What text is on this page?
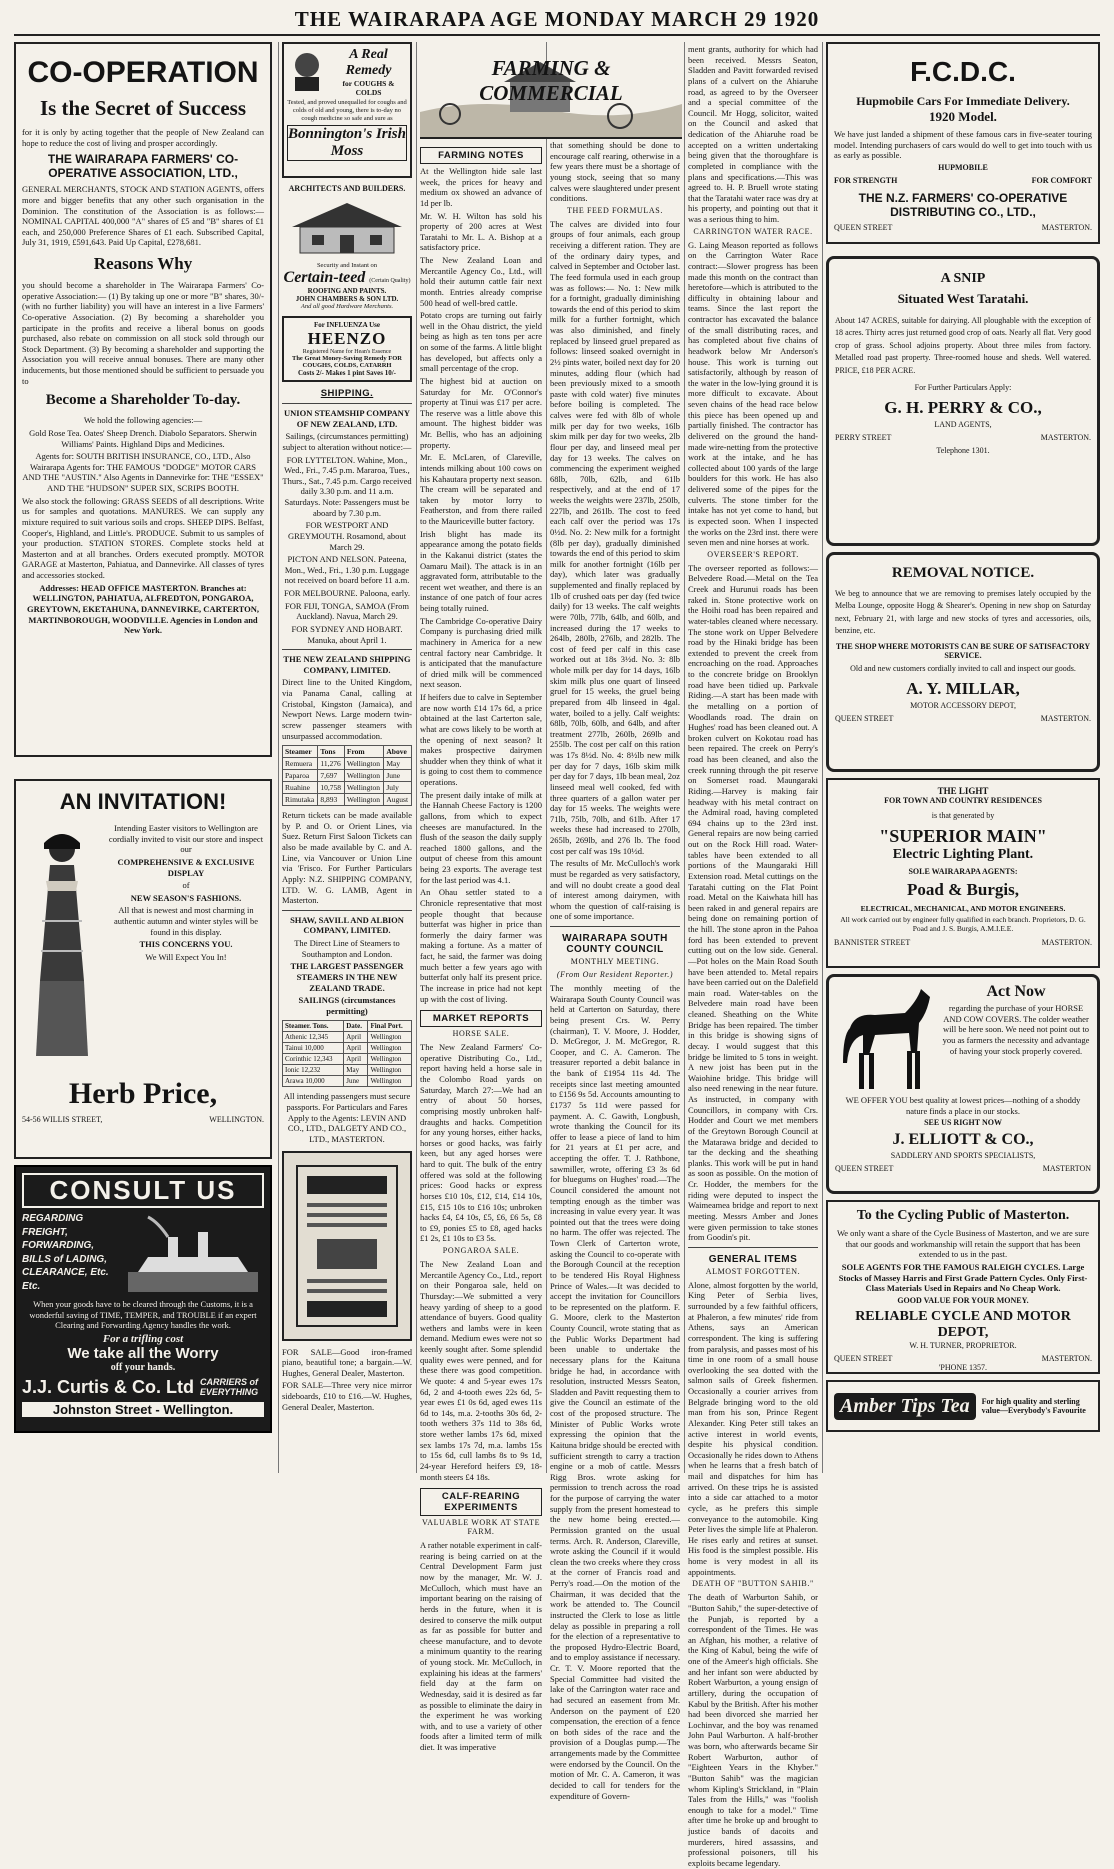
THE WAIRARAPA AGE MONDAY MARCH 29 1920
CO-OPERATION
Is the Secret of Success

for it is only by acting together that the people of New Zealand can hope to reduce the cost of living and prosper accordingly.

THE WAIRARAPA FARMERS' CO-OPERATIVE ASSOCIATION, LTD.,

GENERAL MERCHANTS, STOCK AND STATION AGENTS, offers more and bigger benefits that any other such organisation in the Dominion. The constitution of the Association is as follows:—NOMINAL CAPITAL 400,000 "A" shares of £5 and "B" shares of £1 each, and 250,000 Preference Shares of £1 each. Subscribed Capital, July 31, 1919, £591,643. Paid Up Capital, £278,681.

Reasons Why

you should become a shareholder in The Wairarapa Farmers' Co-operative Association:— (1) By taking up one or more "B" shares, 30/- (with no further liability) you will have an interest in a live Farmers' Co-operative Association. (2) By becoming a shareholder you participate in the profits and receive a liberal bonus on goods purchased, also rebate on commission on all stock sold through our Stock Department. (3) By becoming a shareholder and supporting the Association you will receive annual bonuses. There are many other inducements, but those mentioned should be sufficient to persuade you to

Become a Shareholder To-day.

We hold the following agencies:—

Gold Rose Tea. Oates' Sheep Drench. Diabolo Separators. Sherwin Williams' Paints. Highland Dips and Medicines.

Agents for: SOUTH BRITISH INSURANCE, CO., LTD., Also Wairarapa Agents for: THE FAMOUS "DODGE" MOTOR CARS AND THE "AUSTIN." Also Agents in Dannevirke for: THE "ESSEX" AND THE "HUDSON" SUPER SIX, SCRIPS BOOTH.

We also stock the following: GRASS SEEDS of all descriptions. Write us for samples and quotations. MANURES. We can supply any mixture required to suit various soils and crops. SHEEP DIPS. Belfast, Cooper's, Highland, and Little's. PRODUCE. Submit to us samples of your production. STATION STORES. Complete stocks held at Masterton and at all branches. Orders executed promptly. MOTOR GARAGE at Masterton, Pahiatua, and Dannevirke. All classes of tyres and accessories stocked.

Addresses: HEAD OFFICE MASTERTON. Branches at: WELLINGTON, PAHIATUA, ALFREDTON, PONGAROA, GREYTOWN, EKETAHUNA, DANNEVIRKE, CARTERTON, MARTINBOROUGH, WOODVILLE. Agencies in London and New York.

AN INVITATION!

Intending Easter visitors to Wellington are cordially invited to visit our store and inspect our

COMPREHENSIVE & EXCLUSIVE DISPLAY

of

NEW SEASON'S FASHIONS.

All that is newest and most charming in authentic autumn and winter styles will be found in this display.

THIS CONCERNS YOU.

We Will Expect You In!

Herb Price,
54-56 WILLIS STREET,	WELLINGTON.
CONSULT US
REGARDING FREIGHT, FORWARDING, BILLS of LADING, CLEARANCE, Etc. Etc.

When your goods have to be cleared through the Customs, it is a wonderful saving of TIME, TEMPER, and TROUBLE if an expert Clearing and Forwarding Agency handles the work.

For a trifling cost
We take all the Worry
off your hands.
J.J. Curtis & Co. Ltd CARRIERS of EVERYTHING
Johnston Street - Wellington.
A Real Remedy
for COUGHS & COLDS

Tested, and proved unequalled for coughs and colds of old and young, there is to-day no cough medicine so safe and sure as

Bonnington's Irish Moss
ARCHITECTS AND BUILDERS.
Security and Instant on
Certain-teed (Certain Quality)
ROOFING AND PAINTS.
JOHN CHAMBERS & SON LTD.
And all good Hardware Merchants.
For INFLUENZA Use
HEENZO
Registered Name for Hean's Essence
The Great Money-Saving Remedy FOR COUGHS, COLDS, CATARRH
Costs 2/- Makes 1 pint Saves 10/-
SHIPPING.
UNION STEAMSHIP COMPANY OF NEW ZEALAND, LTD.

Sailings, (circumstances permitting) subject to alteration without notice:—

FOR LYTTELTON. Wahine, Mon., Wed., Fri., 7.45 p.m. Mararoa, Tues., Thurs., Sat., 7.45 p.m. Cargo received daily 3.30 p.m. and 11 a.m. Saturdays. Note: Passengers must be aboard by 7.30 p.m.

FOR WESTPORT AND GREYMOUTH. Rosamond, about March 29.

PICTON AND NELSON. Pateena, Mon., Wed., Fri., 1.30 p.m. Luggage not received on board before 11 a.m.

FOR MELBOURNE. Paloona, early.

FOR FIJI, TONGA, SAMOA (From Auckland). Navua, March 29.

FOR SYDNEY AND HOBART. Manuka, about April 1.

THE NEW ZEALAND SHIPPING COMPANY, LIMITED.

Direct line to the United Kingdom, via Panama Canal, calling at Cristobal, Kingston (Jamaica), and Newport News. Large modern twin-screw passenger steamers with unsurpassed accommodation.

Steamer	Tons	From	Above
Remuera	11,276	Wellington	May
Paparoa	7,697	Wellington	June
Ruahine	10,758	Wellington	July
Rimutaka	8,893	Wellington	August

Return tickets can be made available by P. and O. or Orient Lines, via Suez. Return First Saloon Tickets can also be made available by C. and A. Line, via Vancouver or Union Line via 'Frisco. For Further Particulars Apply: N.Z. SHIPPING COMPANY, LTD. W. G. LAMB, Agent in Masterton.

SHAW, SAVILL AND ALBION COMPANY, LIMITED.

The Direct Line of Steamers to Southampton and London.

THE LARGEST PASSENGER STEAMERS IN THE NEW ZEALAND TRADE.
SAILINGS (circumstances permitting)
Steamer. Tons.	Date.	Final Port.
Athenic 12,345	April	Wellington
Tainui 10,000	April	Wellington
Corinthic 12,343	April	Wellington
Ionic 12,232	May	Wellington
Arawa 10,000	June	Wellington

All intending passengers must secure passports. For Particulars and Fares Apply to the Agents: LEVIN AND CO., LTD., DALGETY AND CO., LTD., MASTERTON.

FOR SALE—Good iron-framed piano, beautiful tone; a bargain.—W. Hughes, General Dealer, Masterton.

FOR SALE—Three very nice mirror sideboards, £10 to £16.—W. Hughes, General Dealer, Masterton.

FARMING & COMMERCIAL
FARMING NOTES

At the Wellington hide sale last week, the prices for heavy and medium ox showed an advance of 1d per lb.

Mr. W. H. Wilton has sold his property of 200 acres at West Taratahi to Mr. L. A. Bishop at a satisfactory price.

The New Zealand Loan and Mercantile Agency Co., Ltd., will hold their autumn cattle fair next month. Entries already comprise 500 head of well-bred cattle.

Potato crops are turning out fairly well in the Ohau district, the yield being as high as ten tons per acre on some of the farms. A little blight has developed, but affects only a small percentage of the crop.

The highest bid at auction on Saturday for Mr. O'Connor's property at Tinui was £17 per acre. The reserve was a little above this amount. The highest bidder was Mr. Bellis, who has an adjoining property.

Mr. E. McLaren, of Clareville, intends milking about 100 cows on his Kahautara property next season. The cream will be separated and taken by motor lorry to Featherston, and from there railed to the Mauriceville butter factory.

Irish blight has made its appearance among the potato fields in the Kakanui district (states the Oamaru Mail). The attack is in an aggravated form, attributable to the recent wet weather, and there is an instance of one patch of four acres being totally ruined.

The Cambridge Co-operative Dairy Company is purchasing dried milk machinery in America for a new central factory near Cambridge. It is anticipated that the manufacture of dried milk will be commenced next season.

If heifers due to calve in September are now worth £14 17s 6d, a price obtained at the last Carterton sale, what are cows likely to be worth at the opening of next season? It makes prospective dairymen shudder when they think of what it is going to cost them to commence operations.

The present daily intake of milk at the Hannah Cheese Factory is 1200 gallons, from which to expect cheeses are manufactured. In the flush of the season the daily supply reached 1800 gallons, and the output of cheese from this amount being 23 exports. The average test for the last period was 4.1.

An Ohau settler stated to a Chronicle representative that most people thought that because butterfat was higher in price than formerly the dairy farmer was making a fortune. As a matter of fact, he said, the farmer was doing much better a few years ago with butterfat only half its present price. The increase in price had not kept up with the cost of living.

MARKET REPORTS
HORSE SALE.

The New Zealand Farmers' Co-operative Distributing Co., Ltd., report having held a horse sale in the Colombo Road yards on Saturday, March 27:—We had an entry of about 50 horses, comprising mostly unbroken half-draughts and hacks. Competition for any young horses, either hacks, horses or good hacks, was fairly keen, but any aged horses were hard to quit. The bulk of the entry offered was sold at the following prices: Good hacks or express horses £10 10s, £12, £14, £14 10s, £15, £15 10s to £16 10s; unbroken hacks £4, £4 10s, £5, £6, £6 5s, £8 to £9, ponies £5 to £8, aged hacks £1 2s, £1 10s to £3 5s.

PONGAROA SALE.

The New Zealand Loan and Mercantile Agency Co., Ltd., report on their Pongaroa sale, held on Thursday:—We submitted a very heavy yarding of sheep to a good attendance of buyers. Good quality wethers and lambs were in keen demand. Medium ewes were not so keenly sought after. Some splendid quality ewes were penned, and for these there was good competition. We quote: 4 and 5-year ewes 17s 6d, 2 and 4-tooth ewes 22s 6d, 5-year ewes £1 0s 6d, aged ewes 11s 6d to 14s, m.a. 2-tooths 30s 6d, 2-tooth wethers 37s 11d to 38s 6d, store wether lambs 17s 6d, mixed sex lambs 17s 7d, m.a. lambs 15s to 15s 6d, cull lambs 8s to 9s 1d, 24-year Hereford heifers £9, 18-month steers £4 18s.

CALF-REARING EXPERIMENTS
VALUABLE WORK AT STATE FARM.

A rather notable experiment in calf-rearing is being carried on at the Central Development Farm just now by the manager, Mr. W. J. McCulloch, which must have an important bearing on the raising of herds in the future, when it is desired to conserve the milk output as far as possible for butter and cheese manufacture, and to devote a minimum quantity to the rearing of young stock. Mr. McCulloch, in explaining his ideas at the farmers' field day at the farm on Wednesday, said it is desired as far as possible to eliminate the dairy in the experiment he was working with, and to use a variety of other foods after a limited term of milk diet. It was imperative

that something should be done to encourage calf rearing, otherwise in a few years there must be a shortage of young stock, seeing that so many calves were slaughtered under present conditions.

THE FEED FORMULAS.

The calves are divided into four groups of four animals, each group receiving a different ration. They are of the ordinary dairy types, and calved in September and October last. The feed formula used in each group was as follows:— No. 1: New milk for a fortnight, gradually diminishing towards the end of this period to skim milk for a further fortnight, which was also diminished, and finely replaced by linseed gruel prepared as follows: linseed soaked overnight in 2½ pints water, boiled next day for 20 minutes, adding flour (which had been previously mixed to a smooth paste with cold water) five minutes before boiling is completed. The calves were fed with 8lb of whole milk per day for two weeks, 16lb skim milk per day for two weeks, 2lb flour per day, and linseed meal per day for 13 weeks. The calves on commencing the experiment weighed 68lb, 70lb, 62lb, and 61lb respectively, and at the end of 17 weeks the weights were 237lb, 250lb, 227lb, and 261lb. The cost to feed each calf over the period was 17s 0½d. No. 2: New milk for a fortnight (8lb per day), gradually diminished towards the end of this period to skim milk for another fortnight (16lb per day), which later was gradually supplemented and finally replaced by 1lb of crushed oats per day (fed twice daily) for 13 weeks. The calf weights were 70lb, 77lb, 64lb, and 60lb, and increased during the 17 weeks to 264lb, 280lb, 276lb, and 282lb. The cost of feed per calf in this case worked out at 18s 3½d. No. 3: 8lb whole milk per day for 14 days, 16lb skim milk plus one quart of linseed gruel for 15 weeks, the gruel being prepared from 4lb linseed in 4gal. water, boiled to a jelly. Calf weights: 68lb, 70lb, 60lb, and 64lb, and after treatment 277lb, 260lb, 269lb and 255lb. The cost per calf on this ration was 17s 8½d. No. 4: 8½lb new milk per day for 7 days, 16lb skim milk per day for 7 days, 1lb bean meal, 2oz linseed meal well cooked, fed with three quarters of a gallon water per day for 15 weeks. The weights were 71lb, 75lb, 70lb, and 61lb. After 17 weeks these had increased to 270lb, 265lb, 269lb, and 276 lb. The food cost per calf was 19s 10½d.

The results of Mr. McCulloch's work must be regarded as very satisfactory, and will no doubt create a good deal of interest among dairymen, with whom the question of calf-raising is one of some importance.

WAIRARAPA SOUTH COUNTY COUNCIL
MONTHLY MEETING.
(From Our Resident Reporter.)

The monthly meeting of the Wairarapa South County Council was held at Carterton on Saturday, there being present Crs. W. Perry (chairman), T. V. Moore, J. Hodder, D. McGregor, J. M. McGregor, R. Cooper, and C. A. Cameron. The treasurer reported a debit balance in the bank of £1954 11s 4d. The receipts since last meeting amounted to £156 9s 5d. Accounts amounting to £1737 5s 11d were passed for payment. A. C. Gawith, Longbush, wrote thanking the Council for its offer to lease a piece of land to him for 21 years at £1 per acre, and accepting the offer. T. J. Rathbone, sawmiller, wrote, offering £3 3s 6d for bluegums on Hughes' road.—The Council considered the amount not tempting enough as the timber was increasing in value every year. It was pointed out that the trees were doing no harm. The offer was rejected. The Town Clerk of Carterton wrote, asking the Council to co-operate with the Borough Council at the reception to be tendered His Royal Highness Prince of Wales.—It was decided to accept the invitation for Councillors to be represented on the platform. F. G. Moore, clerk to the Masterton County Council, wrote stating that as the Public Works Department had been unable to undertake the necessary plans for the Kaituna bridge he had, in accordance with resolution, instructed Messrs Seaton, Sladden and Pavitt requesting them to give the Council an estimate of the cost of the proposed structure. The Minister of Public Works wrote expressing the opinion that the Kaituna bridge should be erected with sufficient strength to carry a traction engine or a mob of cattle. Messrs Rigg Bros. wrote asking for permission to trench across the road for the purpose of carrying the water supply from the present homestead to the new home being erected.—Permission granted on the usual terms. Arch. R. Anderson, Clareville, wrote asking the Council if it would clean the two creeks where they cross at the corner of Francis road and Perry's road.—On the motion of the Chairman, it was decided that the work be attended to. The Council instructed the Clerk to lose as little delay as possible in preparing a roll for the election of a representative to the proposed Hydro-Electric Board, and to employ assistance if necessary. Cr. T. V. Moore reported that the Special Committee had visited the lake of the Carrington water race and had secured an easement from Mr. Anderson on the payment of £20 compensation, the erection of a fence on both sides of the race and the provision of a Douglas pump.—The arrangements made by the Committee were endorsed by the Council. On the motion of Mr. C. A. Cameron, it was decided to call for tenders for the expenditure of Govern-

ment grants, authority for which had been received. Messrs Seaton, Sladden and Pavitt forwarded revised plans of a culvert on the Ahiaruhe road, as agreed to by the Overseer and a special committee of the Council. Mr Hogg, solicitor, waited on the Council and asked that dedication of the Ahiaruhe road be accepted on a written undertaking being given that the thoroughfare is completed in compliance with the plans and specifications.—This was agreed to. H. P. Bruell wrote stating that the Taratahi water race was dry at his property, and pointing out that it was a serious thing to him.

CARRINGTON WATER RACE.

G. Laing Meason reported as follows on the Carrington Water Race contract:—Slower progress has been made this month on the contract than heretofore—which is attributed to the difficulty in obtaining labour and teams. Since the last report the contractor has excavated the balance of the small distributing races, and has completed about five chains of headwork below Mr Anderson's house. This work is turning out satisfactorily, although by reason of the water in the low-lying ground it is more difficult to excavate. About seven chains of the head race below this piece has been opened up and partially finished. The contractor has delivered on the ground the hand-made wire-netting from the protective work at the intake, and he has collected about 100 yards of the large boulders for this work. He has also delivered some of the pipes for the culverts. The stone timber for the intake has not yet come to hand, but is expected soon. When I inspected the works on the 23rd inst. there were seven men and nine horses at work.

OVERSEER'S REPORT.

The overseer reported as follows:— Belvedere Road.—Metal on the Tea Creek and Hurunui roads has been raked in. Stone protective work on the Hoihi road has been repaired and water-tables cleaned where necessary. The stone work on Upper Belvedere road by the Hinaki bridge has been extended to prevent the creek from encroaching on the road. Approaches to the concrete bridge on Brooklyn road have been tidied up. Parkvale Riding.—A start has been made with the metalling on a portion of Woodlands road. The drain on Hughes' road has been cleaned out. A broken culvert on Kokotau road has been repaired. The creek on Perry's road has been cleaned, and also the creek running through the pit reserve on Somerset road. Maungaraki Riding.—Harvey is making fair headway with his metal contract on the Admiral road, having completed 694 chains up to the 23rd inst. General repairs are now being carried out on the Rock Hill road. Water-tables have been extended to all portions of the Maungaraki Hill Extension road. Metal cuttings on the Taratahi cutting on the Flat Point road. Metal on the Kaiwhata hill has been raked in and general repairs are being done on remaining portion of the hill. The stone apron in the Pahoa ford has been extended to prevent cutting out on the low side. General.—Pot holes on the Main Road South have been attended to. Metal repairs have been carried out on the Dalefield main road. Water-tables on the Belvedere main road have been cleaned. Sheathing on the White Bridge has been repaired. The timber in this bridge is showing signs of decay. I would suggest that this bridge be limited to 5 tons in weight. A new joist has been put in the Waiohine bridge. This bridge will also need renewing in the near future. As instructed, in company with Councillors, in company with Crs. Hodder and Court we met members of the Greytown Borough Council at the Matarawa bridge and decided to tar the decking and the sheathing planks. This work will be put in hand as soon as possible. On the motion of Cr. Hodder, the members for the riding were deputed to inspect the Waimeamea bridge and report to next meeting. Messrs Amber and Jones were given permission to take stones from Goodin's pit.

GENERAL ITEMS
ALMOST FORGOTTEN.

Alone, almost forgotten by the world, King Peter of Serbia lives, surrounded by a few faithful officers, at Phaleron, a few minutes' ride from Athens, says an American correspondent. The king is suffering from paralysis, and passes most of his time in one room of a small house overlooking the sea dotted with the salmon sails of Greek fishermen. Occasionally a courier arrives from Belgrade bringing word to the old man from his son, Prince Regent Alexander. King Peter still takes an active interest in world events, despite his physical condition. Occasionally he rides down to Athens when he learns that a fresh batch of mail and dispatches for him has arrived. On these trips he is assisted into a side car attached to a motor cycle, as he prefers this simple conveyance to the automobile. King Peter lives the simple life at Phaleron. He rises early and retires at sunset. His food is the simplest possible. His home is very modest in all its appointments.

DEATH OF "BUTTON SAHIB."

The death of Warburton Sahib, or "Button Sahib," the super-detective of the Punjab, is reported by a correspondent of the Times. He was an Afghan, his mother, a relative of the King of Kabul, being the wife of one of the Ameer's high officials. She and her infant son were abducted by Robert Warburton, a young ensign of artillery, during the occupation of Kabul by the British. After his mother had been divorced she married her Lochinvar, and the boy was renamed John Paul Warburton. A half-brother was born, who afterwards became Sir Robert Warburton, author of "Eighteen Years in the Khyber." "Button Sahib" was the magician whom Kipling's Strickland, in "Plain Tales from the Hills," was "foolish enough to take for a model." Time after time he broke up and brought to justice bands of dacoits and murderers, hired assassins, and professional poisoners, till his exploits became legendary.

F.C.D.C.
Hupmobile Cars For Immediate Delivery.
1920 Model.

We have just landed a shipment of these famous cars in five-seater touring model. Intending purchasers of cars would do well to get into touch with us as early as possible.

HUPMOBILE
FOR STRENGTH	FOR COMFORT
THE N.Z. FARMERS' CO-OPERATIVE DISTRIBUTING CO., LTD.,
QUEEN STREET	MASTERTON.
A SNIP
Situated West Taratahi.

About 147 ACRES, suitable for dairying. All ploughable with the exception of 18 acres. Thirty acres just returned good crop of oats. Nearly all flat. Very good crop of grass. School adjoins property. About three miles from factory. Metalled road past property. Three-roomed house and sheds. Well watered. PRICE, £18 PER ACRE.

For Further Particulars Apply:
G. H. PERRY & CO.,
LAND AGENTS,
PERRY STREET	MASTERTON.
Telephone 1301.
REMOVAL NOTICE.

We beg to announce that we are removing to premises lately occupied by the Melba Lounge, opposite Hogg & Shearer's. Opening in new shop on Saturday next, February 21, with large and new stocks of tyres and accessories, oils, benzine, etc.

THE SHOP WHERE MOTORISTS CAN BE SURE OF SATISFACTORY SERVICE.
Old and new customers cordially invited to call and inspect our goods.
A. Y. MILLAR,
MOTOR ACCESSORY DEPOT,
QUEEN STREET	MASTERTON.
THE LIGHT
FOR TOWN AND COUNTRY RESIDENCES
is that generated by
"SUPERIOR MAIN"
Electric Lighting Plant.
SOLE WAIRARAPA AGENTS:
Poad & Burgis,
ELECTRICAL, MECHANICAL, AND MOTOR ENGINEERS.

All work carried out by engineer fully qualified in each branch. Proprietors, D. G. Poad and J. S. Burgis, A.M.I.E.E.

BANNISTER STREET	MASTERTON.
Act Now

regarding the purchase of your HORSE AND COW COVERS. The colder weather will be here soon. We need not point out to you as farmers the necessity and advantage of having your stock properly covered.

WE OFFER YOU best quality at lowest prices—nothing of a shoddy nature finds a place in our stocks.

SEE US RIGHT NOW
J. ELLIOTT & CO.,
SADDLERY AND SPORTS SPECIALISTS,
QUEEN STREET	MASTERTON
To the Cycling Public of Masterton.

We only want a share of the Cycle Business of Masterton, and we are sure that our goods and workmanship will retain the support that has been extended to us in the past.

SOLE AGENTS FOR THE FAMOUS RALEIGH CYCLES. Large Stocks of Massey Harris and First Grade Pattern Cycles. Only First-Class Materials Used in Repairs and No Cheap Work.

GOOD VALUE FOR YOUR MONEY.
RELIABLE CYCLE AND MOTOR DEPOT,
W. H. TURNER, PROPRIETOR.
QUEEN STREET	MASTERTON.
'PHONE 1357.
Amber Tips Tea	For high quality and sterling value—Everybody's Favourite
